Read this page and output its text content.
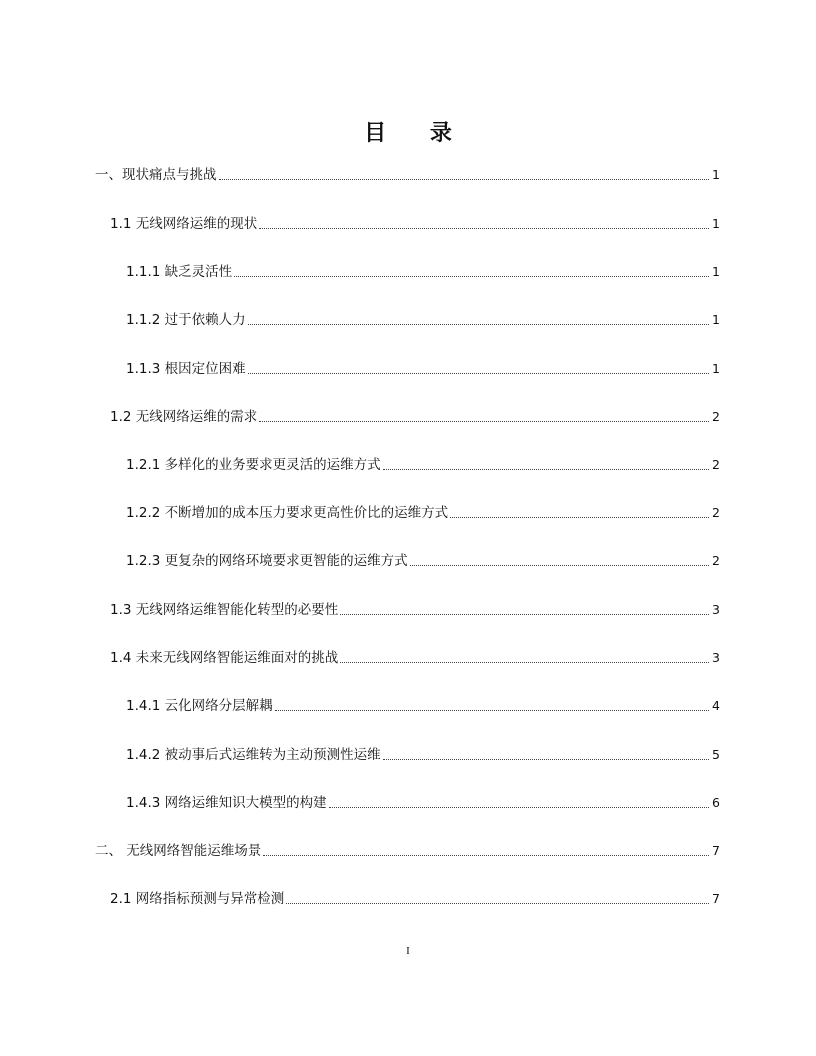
目 录
一、现状痛点与挑战	1
1.1 无线网络运维的现状	1
1.1.1 缺乏灵活性	1
1.1.2 过于依赖人力	1
1.1.3 根因定位困难	1
1.2 无线网络运维的需求	2
1.2.1 多样化的业务要求更灵活的运维方式	2
1.2.2 不断增加的成本压力要求更高性价比的运维方式	2
1.2.3 更复杂的网络环境要求更智能的运维方式	2
1.3 无线网络运维智能化转型的必要性	3
1.4 未来无线网络智能运维面对的挑战	3
1.4.1 云化网络分层解耦	4
1.4.2 被动事后式运维转为主动预测性运维	5
1.4.3 网络运维知识大模型的构建	6
二、 无线网络智能运维场景	7
2.1 网络指标预测与异常检测	7
I
